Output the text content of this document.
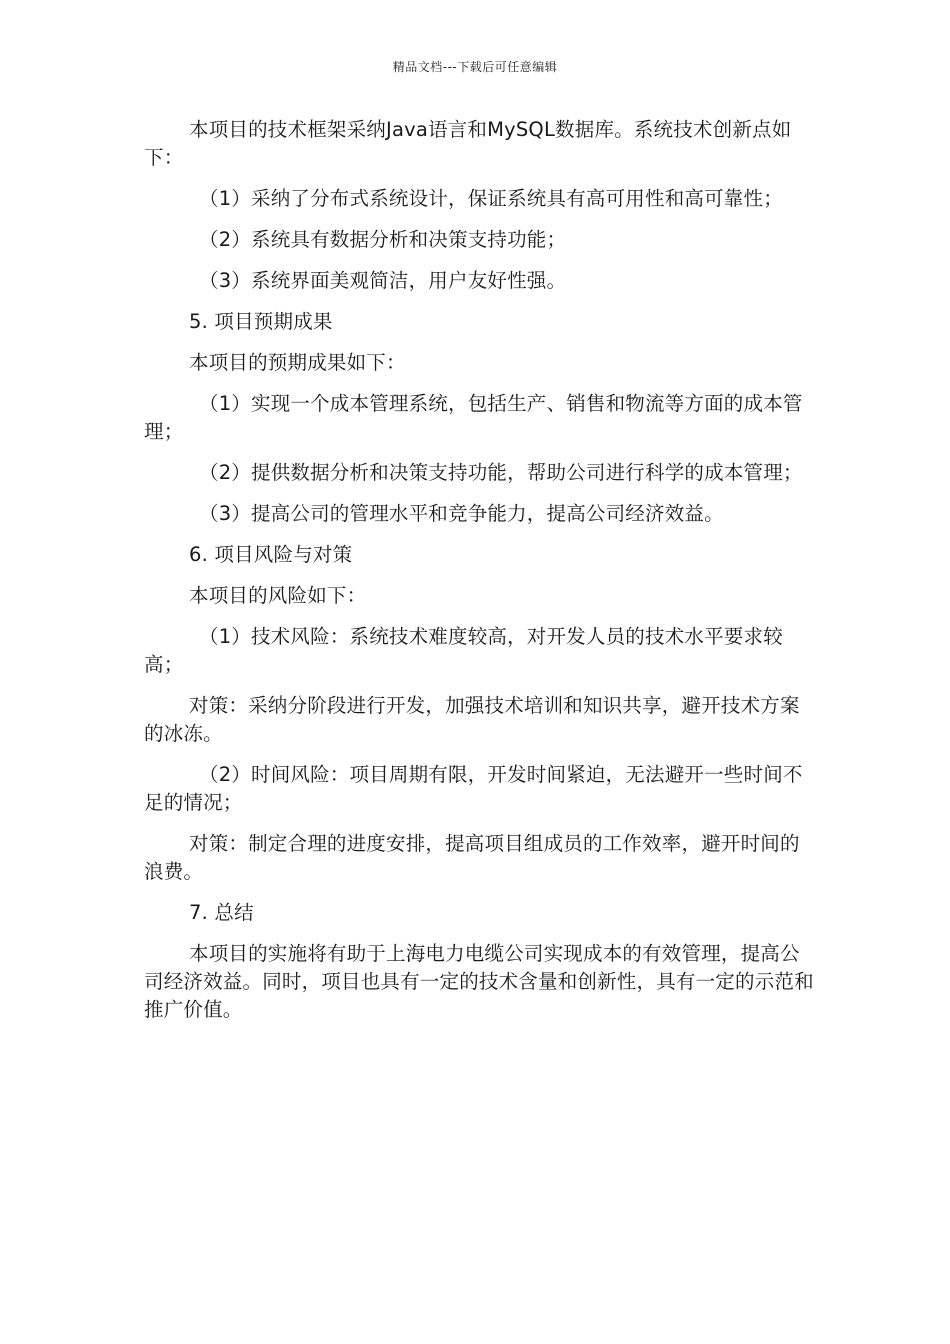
精品文档---下载后可任意编辑

本项目的技术框架采纳Java语言和MySQL数据库。系统技术创新点如下：

（1）采纳了分布式系统设计，保证系统具有高可用性和高可靠性；

（2）系统具有数据分析和决策支持功能；

（3）系统界面美观简洁，用户友好性强。

5. 项目预期成果

本项目的预期成果如下：

（1）实现一个成本管理系统，包括生产、销售和物流等方面的成本管理；

（2）提供数据分析和决策支持功能，帮助公司进行科学的成本管理；

（3）提高公司的管理水平和竞争能力，提高公司经济效益。

6. 项目风险与对策

本项目的风险如下：

（1）技术风险：系统技术难度较高，对开发人员的技术水平要求较高；

对策：采纳分阶段进行开发，加强技术培训和知识共享，避开技术方案的冰冻。

（2）时间风险：项目周期有限，开发时间紧迫，无法避开一些时间不足的情况；

对策：制定合理的进度安排，提高项目组成员的工作效率，避开时间的浪费。

7. 总结

本项目的实施将有助于上海电力电缆公司实现成本的有效管理，提高公司经济效益。同时，项目也具有一定的技术含量和创新性，具有一定的示范和推广价值。
